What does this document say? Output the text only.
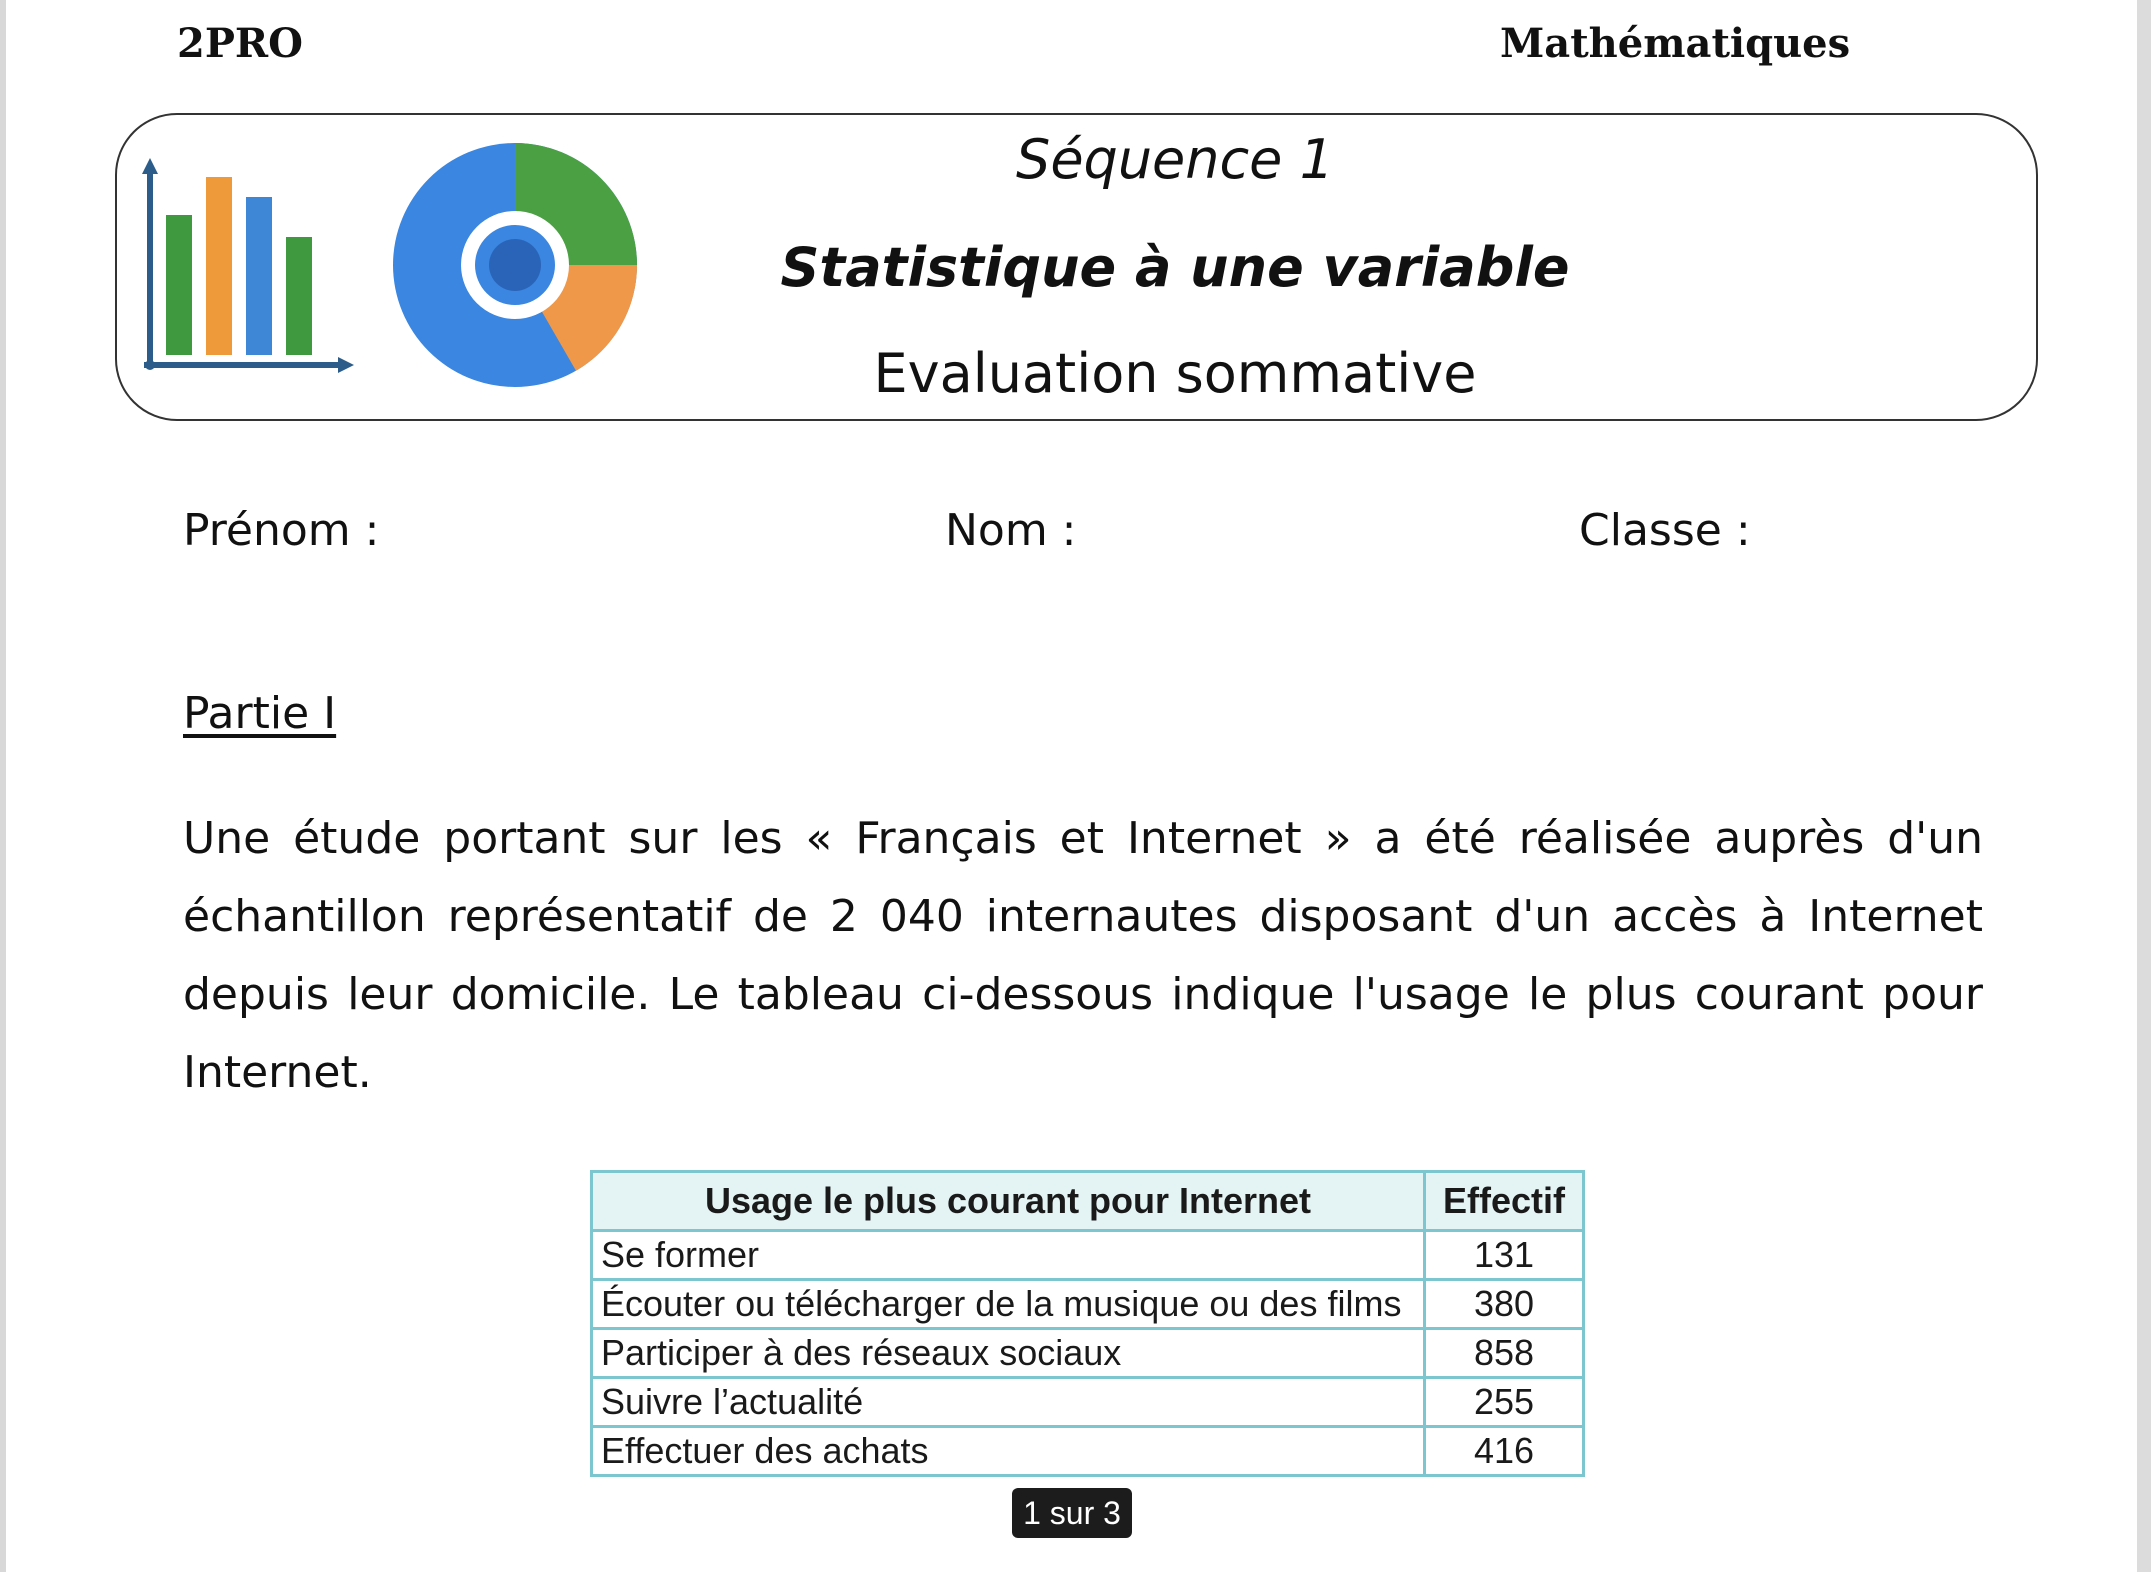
2PRO	Mathématiques
Séquence 1
Statistique à une variable
Evaluation sommative
Prénom :	Nom :	Classe :
Partie I
Une étude portant sur les « Français et Internet » a été réalisée auprès d'un échantillon représentatif de 2 040 internautes disposant d'un accès à Internet depuis leur domicile. Le tableau ci-dessous indique l'usage le plus courant pour Internet.
Usage le plus courant pour Internet	Effectif
Se former	131
Écouter ou télécharger de la musique ou des films	380
Participer à des réseaux sociaux	858
Suivre l’actualité	255
Effectuer des achats	416
1 sur 3
